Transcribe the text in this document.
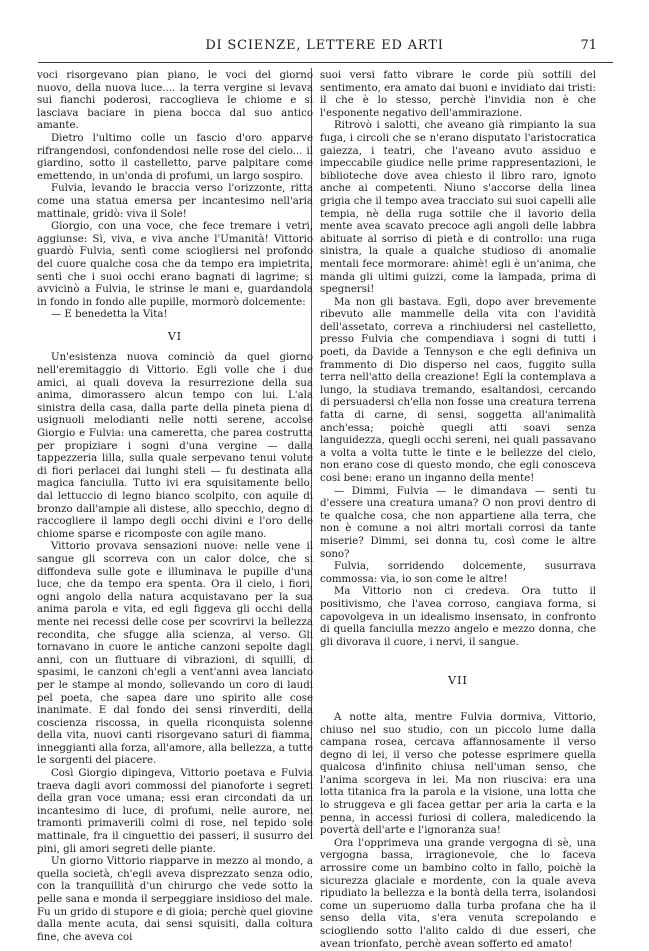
DI SCIENZE, LETTERE ED ARTI	71

voci risorgevano pian piano, le voci del giorno nuovo, della nuova luce.... la terra vergine si levava sui fianchi poderosi, raccoglieva le chiome e si lasciava baciare in piena bocca dal suo antico amante.

Dietro l'ultimo colle un fascio d'oro apparve rifrangendosi, confondendosi nelle rose del cielo... il giardino, sotto il castelletto, parve palpitare come emettendo, in un'onda di profumi, un largo sospiro.

Fulvia, levando le braccia verso l'orizzonte, ritta come una statua emersa per incantesimo nell'aria mattinale, gridò: viva il Sole!

Giorgio, con una voce, che fece tremare i vetri, aggiunse: Sì, viva, e viva anche l'Umanità! Vittorio guardò Fulvia, sentì come sciogliersi nel profondo del cuore qualche cosa che da tempo era impietrita, sentì che i suoi occhi erano bagnati di lagrime; si avvicinò a Fulvia, le strinse le mani e, guardandola in fondo in fondo alle pupille, mormorò dolcemente:

— E benedetta la Vita!

VI

Un'esistenza nuova cominciò da quel giorno nell'eremitaggio di Vittorio. Egli volle che i due amici, ai quali doveva la resurrezione della sua anima, dimorassero alcun tempo con lui. L'ala sinistra della casa, dalla parte della pineta piena di usignuoli melodianti nelle notti serene, accolse Giorgio e Fulvia: una cameretta, che parea costrutta per propiziare i sogni d'una vergine — dalla tappezzeria lilla, sulla quale serpevano tenui volute di fiori perlacei dai lunghi steli — fu destinata alla magica fanciulla. Tutto ivi era squisitamente bello, dal lettuccio di legno bianco scolpito, con aquile di bronzo dall'ampie ali distese, allo specchio, degno di raccogliere il lampo degli occhi divini e l'oro delle chiome sparse e ricomposte con agile mano.

Vittorio provava sensazioni nuove: nelle vene il sangue gli scorreva con un calor dolce, che si diffondeva sulle gote e illuminava le pupille d'una luce, che da tempo era spenta. Ora il cielo, i fiori, ogni angolo della natura acquistavano per la sua anima parola e vita, ed egli figgeva gli occhi della mente nei recessi delle cose per scovrirvi la bellezza recondita, che sfugge alla scienza, al verso. Gli tornavano in cuore le antiche canzoni sepolte dagli anni, con un fluttuare di vibrazioni, di squilli, di spasimi, le canzoni ch'egli a vent'anni avea lanciato per le stampe al mondo, sollevando un coro di laudi pel poeta, che sapea dare uno spirito alle cose inanimate. E dal fondo dei sensi rinverditi, della coscienza riscossa, in quella riconquista solenne della vita, nuovi canti risorgevano saturi di fiamma, inneggianti alla forza, all'amore, alla bellezza, a tutte le sorgenti del piacere.

Così Giorgio dipingeva, Vittorio poetava e Fulvia traeva dagli avori commossi del pianoforte i segreti della gran voce umana; essi eran circondati da un incantesimo di luce, di profumi, nelle aurore, nei tramonti primaverili colmi di rose, nel tepido sole mattinale, fra il cinguettio dei passeri, il susurro dei pini, gli amori segreti delle piante.

Un giorno Vittorio riapparve in mezzo al mondo, a quella società, ch'egli aveva disprezzato senza odio, con la tranquillità d'un chirurgo che vede sotto la pelle sana e monda il serpeggiare insidioso del male. Fu un grido di stupore e di gioia; perchè quel giovine dalla mente acuta, dai sensi squisiti, dalla coltura fine, che aveva coi

suoi versi fatto vibrare le corde più sottili del sentimento, era amato dai buoni e invidiato dai tristi: il che è lo stesso, perchè l'invidia non è che l'esponente negativo dell'ammirazione.

Ritrovò i salotti, che aveano già rimpianto la sua fuga, i circoli che se n'erano disputato l'aristocratica gaiezza, i teatri, che l'aveano avuto assiduo e impeccabile giudice nelle prime rappresentazioni, le biblioteche dove avea chiesto il libro raro, ignoto anche ai competenti. Niuno s'accorse della linea grigia che il tempo avea tracciato sui suoi capelli alle tempia, nè della ruga sottile che il lavorio della mente avea scavato precoce agli angoli delle labbra abituate al sorriso di pietà e di controllo: una ruga sinistra, la quale a qualche studioso di anomalie mentali fece mormorare: ahimè! egli è un'anima, che manda gli ultimi guizzi, come la lampada, prima di spegnersi!

Ma non gli bastava. Egli, dopo aver brevemente ribevuto alle mammelle della vita con l'avidità dell'assetato, correva a rinchiudersi nel castelletto, presso Fulvia che compendiava i sogni di tutti i poeti, da Davide a Tennyson e che egli definiva un frammento di Dio disperso nel caos, fuggito sulla terra nell'atto della creazione! Egli la contemplava a lungo, la studiava tremando, esaltandosi, cercando di persuadersi ch'ella non fosse una creatura terrena fatta di carne, di sensi, soggetta all'animalità anch'essa; poichè quegli atti soavi senza languidezza, quegli occhi sereni, nei quali passavano a volta a volta tutte le tinte e le bellezze del cielo, non erano cose di questo mondo, che egli conosceva così bene: erano un inganno della mente!

— Dimmi, Fulvia — le dimandava — senti tu d'essere una creatura umana? O non provi dentro di te qualche cosa, che non appartiene alla terra, che non è comune a noi altri mortali corrosi da tante miserie? Dimmi, sei donna tu, così come le altre sono?

Fulvia, sorridendo dolcemente, susurrava commossa: via, io son come le altre!

Ma Vittorio non ci credeva. Ora tutto il positivismo, che l'avea corroso, cangiava forma, si capovolgeva in un idealismo insensato, in confronto di quella fanciulla mezzo angelo e mezzo donna, che gli divorava il cuore, i nervi, il sangue.

VII

A notte alta, mentre Fulvia dormiva, Vittorio, chiuso nel suo studio, con un piccolo lume dalla campana rosea, cercava affannosamente il verso degno di lei, il verso che potesse esprimere quella qualcosa d'infinito chiusa nell'uman senso, che l'anima scorgeva in lei. Ma non riusciva: era una lotta titanica fra la parola e la visione, una lotta che lo struggeva e gli facea gettar per aria la carta e la penna, in accessi furiosi di collera, maledicendo la povertà dell'arte e l'ignoranza sua!

Ora l'opprimeva una grande vergogna di sè, una vergogna bassa, irragionevole, che lo faceva arrossire come un bambino colto in fallo, poichè la sicurezza glaciale e mordente, con la quale aveva ripudiato la bellezza e la bontà della terra, isolandosi come un superuomo dalla turba profana che ha il senso della vita, s'era venuta screpolando e sciogliendo sotto l'alito caldo di due esseri, che avean trionfato, perchè avean sofferto ed amato!
